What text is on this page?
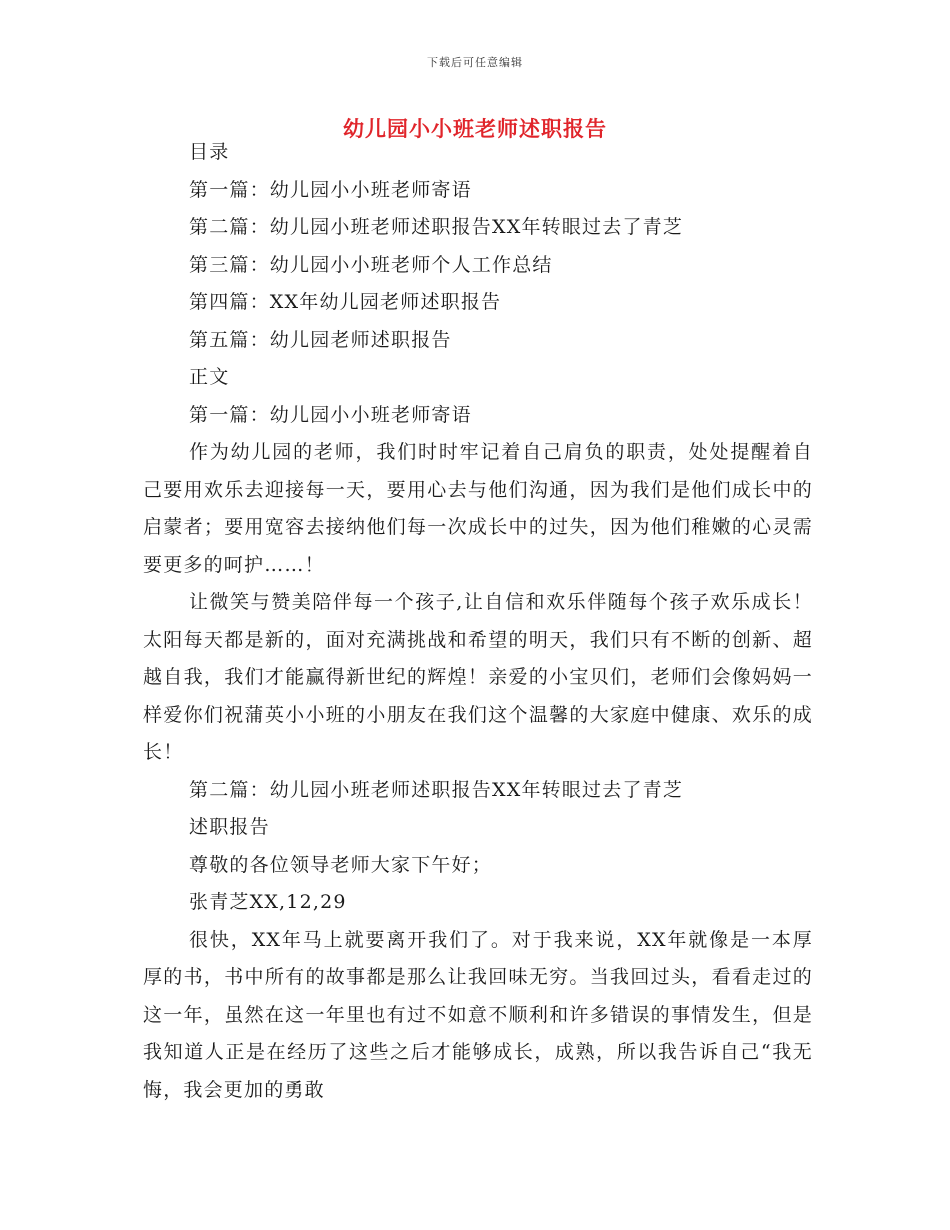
下载后可任意编辑
幼儿园小小班老师述职报告

目录

第一篇：幼儿园小小班老师寄语

第二篇：幼儿园小班老师述职报告XX年转眼过去了青芝

第三篇：幼儿园小小班老师个人工作总结

第四篇：XX年幼儿园老师述职报告

第五篇：幼儿园老师述职报告

正文

第一篇：幼儿园小小班老师寄语

作为幼儿园的老师，我们时时牢记着自己肩负的职责，处处提醒着自己要用欢乐去迎接每一天，要用心去与他们沟通，因为我们是他们成长中的启蒙者；要用宽容去接纳他们每一次成长中的过失，因为他们稚嫩的心灵需要更多的呵护……！

让微笑与赞美陪伴每一个孩子,让自信和欢乐伴随每个孩子欢乐成长！太阳每天都是新的，面对充满挑战和希望的明天，我们只有不断的创新、超越自我，我们才能赢得新世纪的辉煌！亲爱的小宝贝们，老师们会像妈妈一样爱你们祝蒲英小小班的小朋友在我们这个温馨的大家庭中健康、欢乐的成长！

第二篇：幼儿园小班老师述职报告XX年转眼过去了青芝

述职报告

尊敬的各位领导老师大家下午好；

张青芝XX,12,29

很快，XX年马上就要离开我们了。对于我来说，XX年就像是一本厚厚的书，书中所有的故事都是那么让我回味无穷。当我回过头，看看走过的这一年，虽然在这一年里也有过不如意不顺利和许多错误的事情发生，但是我知道人正是在经历了这些之后才能够成长，成熟，所以我告诉自己“我无悔，我会更加的勇敢
